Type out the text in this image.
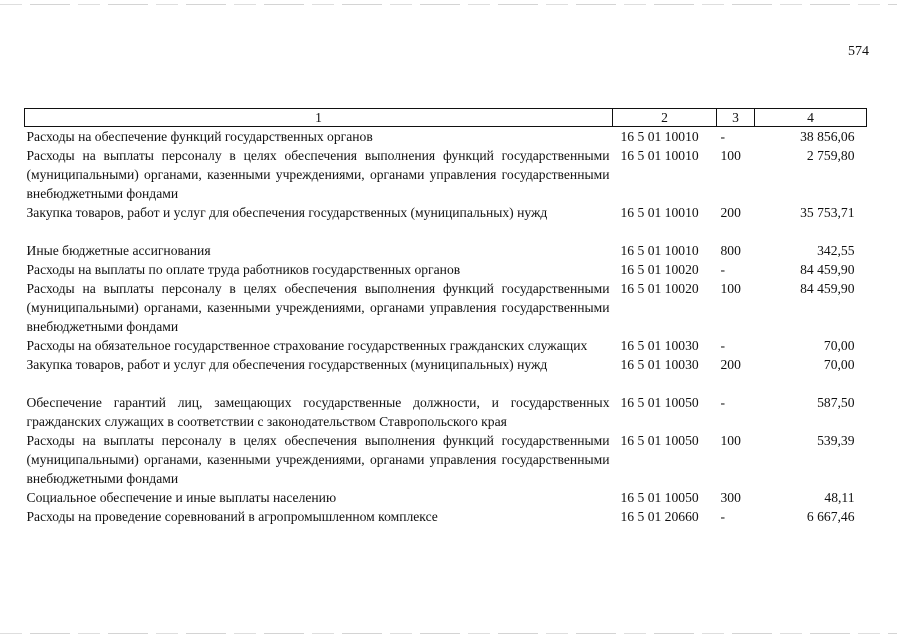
574
1	2	3	4
Расходы на обеспечение функций государственных органов	16 5 01 10010	-	38 856,06
Расходы на выплаты персоналу в целях обеспечения выполнения функций государственными (муниципальными) органами, казенными учреждениями, органами управления государственными внебюджетными фондами	16 5 01 10010	100	2 759,80
Закупка товаров, работ и услуг для обеспечения государственных (муниципальных) нужд	16 5 01 10010	200	35 753,71
Иные бюджетные ассигнования	16 5 01 10010	800	342,55
Расходы на выплаты по оплате труда работников государственных органов	16 5 01 10020	-	84 459,90
Расходы на выплаты персоналу в целях обеспечения выполнения функций государственными (муниципальными) органами, казенными учреждениями, органами управления государственными внебюджетными фондами	16 5 01 10020	100	84 459,90
Расходы на обязательное государственное страхование государственных гражданских служащих	16 5 01 10030	-	70,00
Закупка товаров, работ и услуг для обеспечения государственных (муниципальных) нужд	16 5 01 10030	200	70,00
Обеспечение гарантий лиц, замещающих государственные должности, и государственных гражданских служащих в соответствии с законодательством Ставропольского края	16 5 01 10050	-	587,50
Расходы на выплаты персоналу в целях обеспечения выполнения функций государственными (муниципальными) органами, казенными учреждениями, органами управления государственными внебюджетными фондами	16 5 01 10050	100	539,39
Социальное обеспечение и иные выплаты населению	16 5 01 10050	300	48,11
Расходы на проведение соревнований в агропромышленном комплексе	16 5 01 20660	-	6 667,46
